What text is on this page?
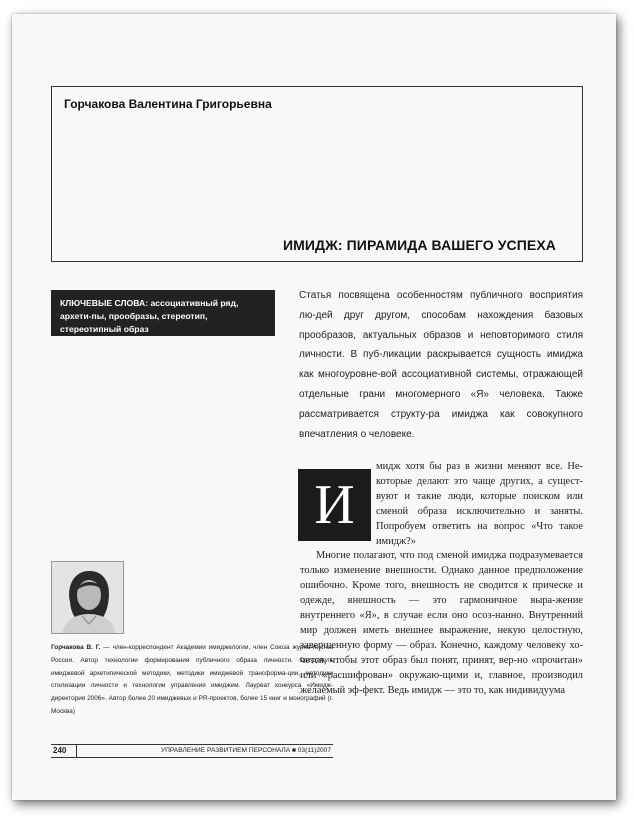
Горчакова Валентина Григорьевна
ИМИДЖ: ПИРАМИДА ВАШЕГО УСПЕХА
КЛЮЧЕВЫЕ СЛОВА: ассоциативный ряд, архети-пы, прообразы, стереотип, стереотипный образ
Статья посвящена особенностям публичного восприятия лю-дей друг другом, способам нахождения базовых прообразов, актуальных образов и неповторимого стиля личности. В пуб-ликации раскрывается сущность имиджа как многоуровне-вой ассоциативной системы, отражающей отдельные грани многомерного «Я» человека. Также рассматривается структу-ра имиджа как совокупного впечатления о человеке.
И

мидж хотя бы раз в жизни меняют все. Не-которые делают это чаще других, а сущест-вуют и такие люди, которые поиском или сменой образа исключительно и заняты. Попробуем ответить на вопрос «Что такое имидж?»

Многие полагают, что под сменой имиджа подразумевается только изменение внешности. Однако данное предположение ошибочно. Кроме того, внешность не сводится к прическе и одежде, внешность — это гармоничное выра-жение внутреннего «Я», в случае если оно осоз-нанно. Внутренний мир должен иметь внешнее выражение, некую целостную, завершенную форму — образ. Конечно, каждому человеку хо-чется, чтобы этот образ был понят, принят, вер-но «прочитан» или «расшифрован» окружаю-щими и, главное, производил желаемый эф-фект. Ведь имидж — это то, как индивидуума

Горчакова В. Г. — член-корреспондент Академии имиджелогии, член Союза журна-листов России. Автор технологии формирования публичного образа личности. Соз-датель имиджевой архетипической методики, методики имиджевой трансформа-ции, методики стилизации личности и технологии управления имиджем. Лауреат конкурса «Имидж-директория 2006». Автор более 20 имиджевых и PR-проектов, более 15 книг и монографий (г. Москва)
240	УПРАВЛЕНИЕ РАЗВИТИЕМ ПЕРСОНАЛА ■ 03(11)2007
